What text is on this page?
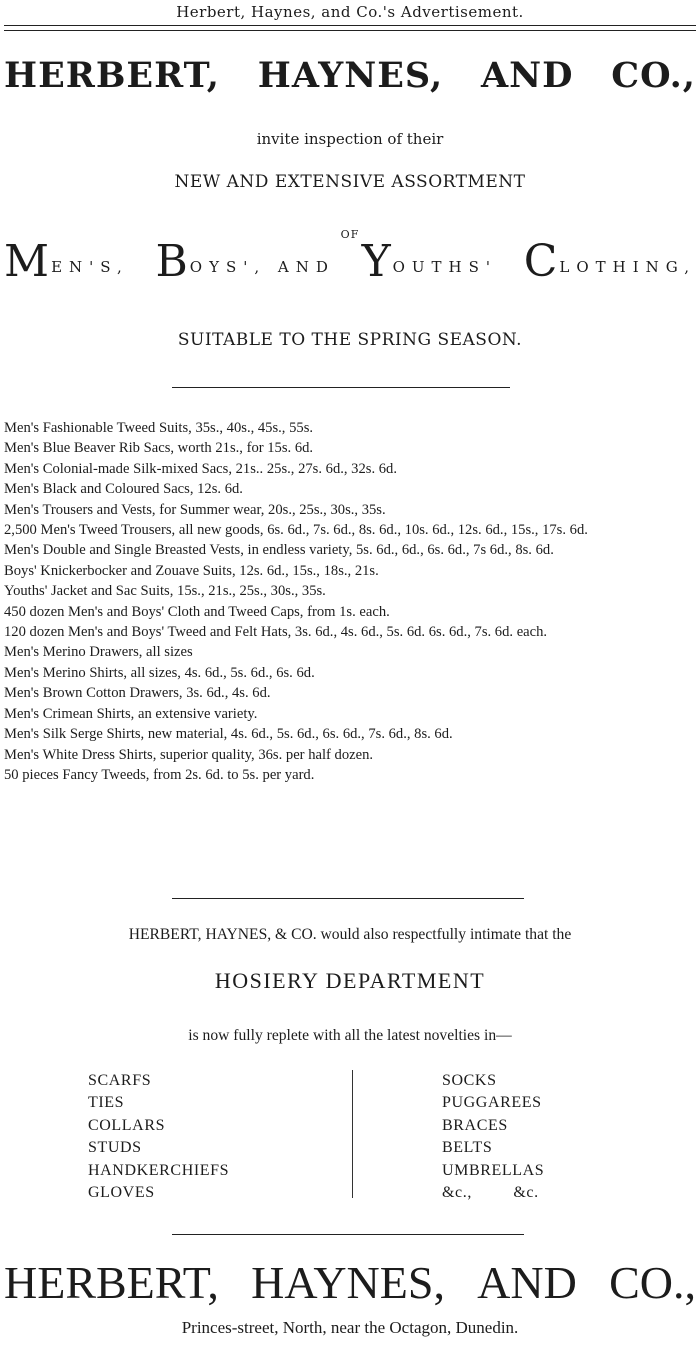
Herbert, Haynes, and Co.'s Advertisement.
HERBERT, HAYNES, AND CO.,
invite inspection of their
NEW AND EXTENSIVE ASSORTMENT
OF
M EN'S, B OYS', AND Y OUTHS' C LOTHING,
SUITABLE TO THE SPRING SEASON.
Men's Fashionable Tweed Suits, 35s., 40s., 45s., 55s.
Men's Blue Beaver Rib Sacs, worth 21s., for 15s. 6d.
Men's Colonial-made Silk-mixed Sacs, 21s.. 25s., 27s. 6d., 32s. 6d.
Men's Black and Coloured Sacs, 12s. 6d.
Men's Trousers and Vests, for Summer wear, 20s., 25s., 30s., 35s.
2,500 Men's Tweed Trousers, all new goods, 6s. 6d., 7s. 6d., 8s. 6d., 10s. 6d., 12s. 6d., 15s., 17s. 6d.
Men's Double and Single Breasted Vests, in endless variety, 5s. 6d., 6d., 6s. 6d., 7s 6d., 8s. 6d.
Boys' Knickerbocker and Zouave Suits, 12s. 6d., 15s., 18s., 21s.
Youths' Jacket and Sac Suits, 15s., 21s., 25s., 30s., 35s.
450 dozen Men's and Boys' Cloth and Tweed Caps, from 1s. each.
120 dozen Men's and Boys' Tweed and Felt Hats, 3s. 6d., 4s. 6d., 5s. 6d. 6s. 6d., 7s. 6d. each.
Men's Merino Drawers, all sizes
Men's Merino Shirts, all sizes, 4s. 6d., 5s. 6d., 6s. 6d.
Men's Brown Cotton Drawers, 3s. 6d., 4s. 6d.
Men's Crimean Shirts, an extensive variety.
Men's Silk Serge Shirts, new material, 4s. 6d., 5s. 6d., 6s. 6d., 7s. 6d., 8s. 6d.
Men's White Dress Shirts, superior quality, 36s. per half dozen.
50 pieces Fancy Tweeds, from 2s. 6d. to 5s. per yard.
HERBERT, HAYNES, & CO. would also respectfully intimate that the
HOSIERY DEPARTMENT
is now fully replete with all the latest novelties in—
SCARFS
TIES
COLLARS
STUDS
HANDKERCHIEFS
GLOVES
SOCKS
PUGGAREES
BRACES
BELTS
UMBRELLAS
&c.,         &c.
HERBERT, HAYNES, AND CO.,
Princes-street, North, near the Octagon, Dunedin.
